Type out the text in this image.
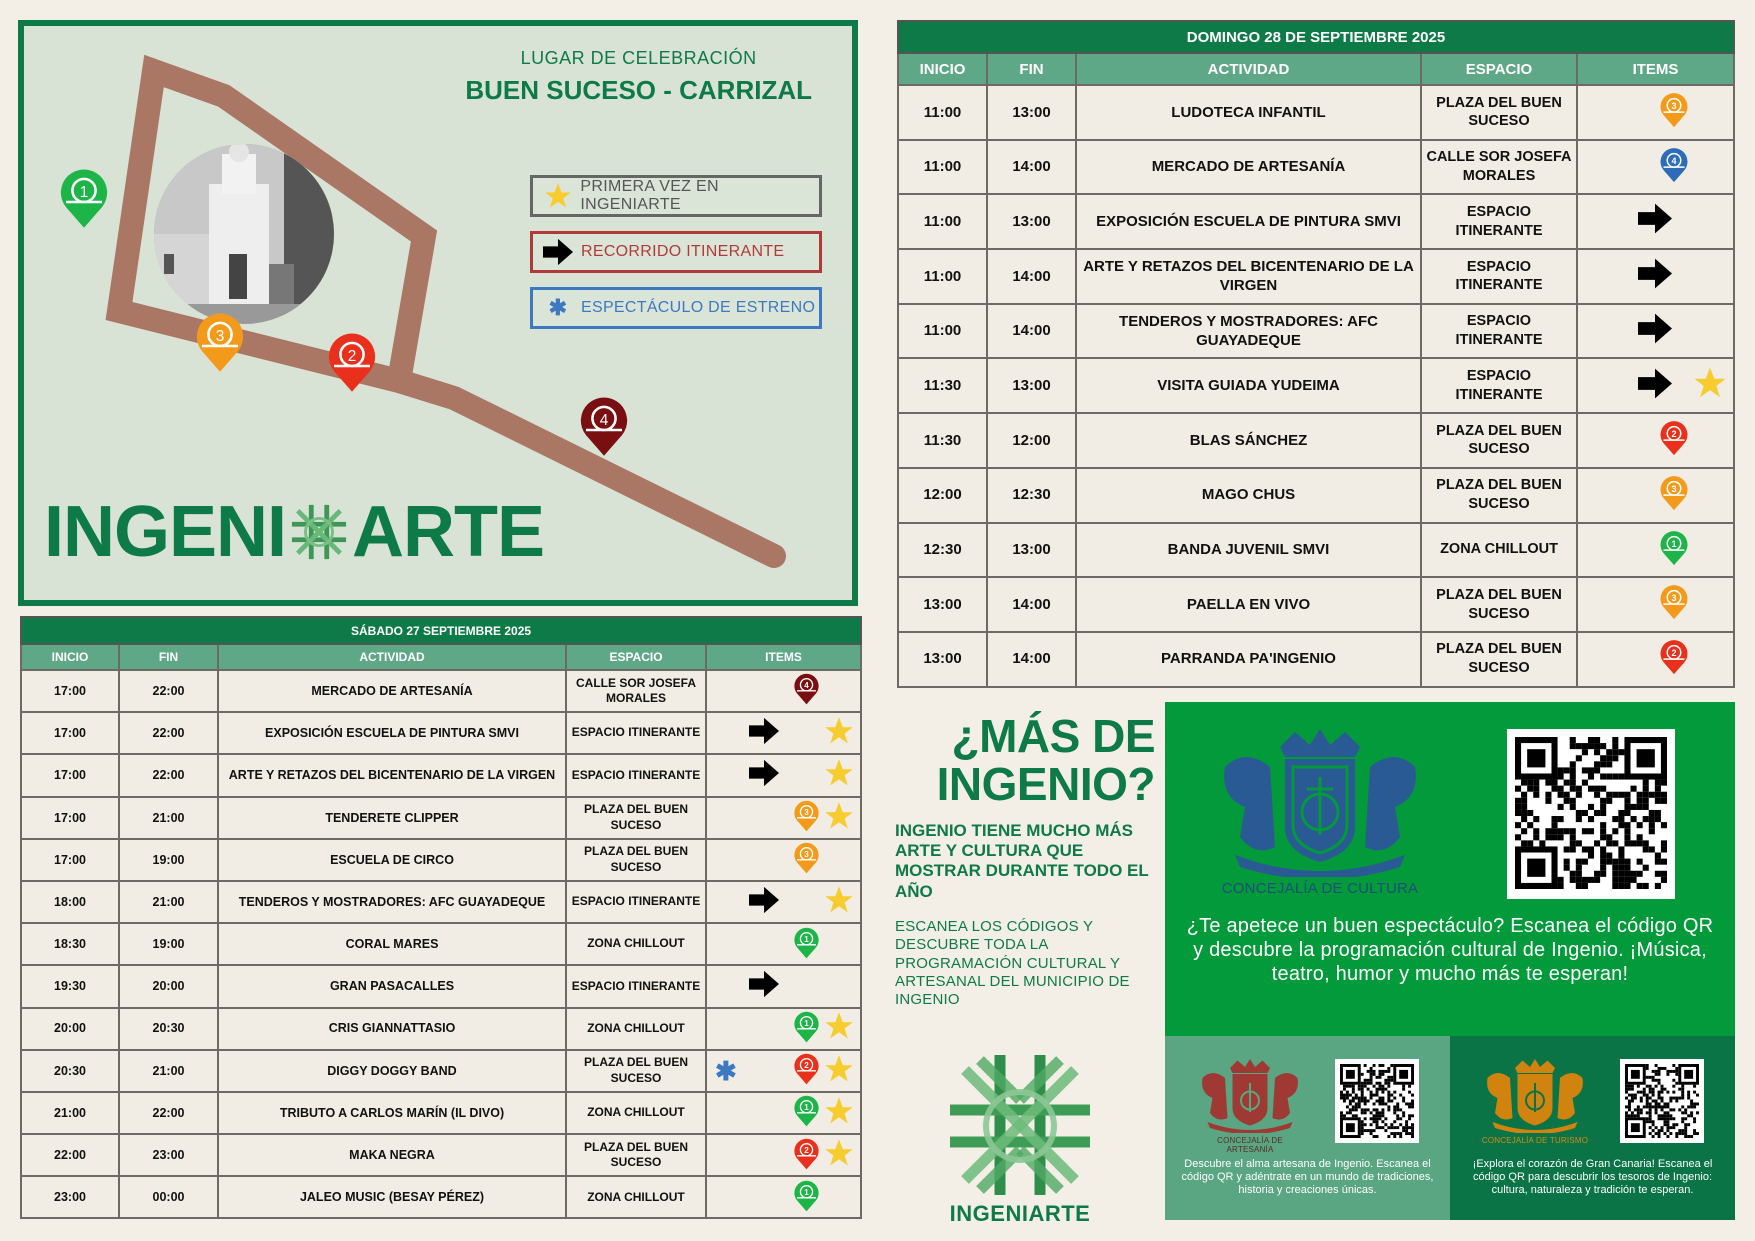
1
3
2
4
LUGAR DE CELEBRACIÓN
BUEN SUCESO - CARRIZAL
PRIMERA VEZ EN INGENIARTE
RECORRIDO ITINERANTE
✱ ESPECTÁCULO DE ESTRENO
INGENI ARTE
SÁBADO 27 SEPTIEMBRE 2025				
INICIO	FIN	ACTIVIDAD	ESPACIO	ITEMS
17:00	22:00	MERCADO DE ARTESANÍA	CALLE SOR JOSEFA MORALES	4

17:00	22:00	EXPOSICIÓN ESCUELA DE PINTURA SMVI	ESPACIO ITINERANTE	

17:00	22:00	ARTE Y RETAZOS DEL BICENTENARIO DE LA VIRGEN	ESPACIO ITINERANTE	

17:00	21:00	TENDERETE CLIPPER	PLAZA DEL BUEN SUCESO	3

17:00	19:00	ESCUELA DE CIRCO	PLAZA DEL BUEN SUCESO	3

18:00	21:00	TENDEROS Y MOSTRADORES: AFC GUAYADEQUE	ESPACIO ITINERANTE	

18:30	19:00	CORAL MARES	ZONA CHILLOUT	1

19:30	20:00	GRAN PASACALLES	ESPACIO ITINERANTE	

20:00	20:30	CRIS GIANNATTASIO	ZONA CHILLOUT	1

20:30	21:00	DIGGY DOGGY BAND	PLAZA DEL BUEN SUCESO	✱ 2

21:00	22:00	TRIBUTO A CARLOS MARÍN (IL DIVO)	ZONA CHILLOUT	1

22:00	23:00	MAKA NEGRA	PLAZA DEL BUEN SUCESO	2

23:00	00:00	JALEO MUSIC (BESAY PÉREZ)	ZONA CHILLOUT	1
DOMINGO 28 DE SEPTIEMBRE 2025				
INICIO	FIN	ACTIVIDAD	ESPACIO	ITEMS
11:00	13:00	LUDOTECA INFANTIL	PLAZA DEL BUEN SUCESO	3

11:00	14:00	MERCADO DE ARTESANÍA	CALLE SOR JOSEFA MORALES	4

11:00	13:00	EXPOSICIÓN ESCUELA DE PINTURA SMVI	ESPACIO ITINERANTE	

11:00	14:00	ARTE Y RETAZOS DEL BICENTENARIO DE LA VIRGEN	ESPACIO ITINERANTE	

11:00	14:00	TENDEROS Y MOSTRADORES: AFC GUAYADEQUE	ESPACIO ITINERANTE	

11:30	13:00	VISITA GUIADA YUDEIMA	ESPACIO ITINERANTE	

11:30	12:00	BLAS SÁNCHEZ	PLAZA DEL BUEN SUCESO	2

12:00	12:30	MAGO CHUS	PLAZA DEL BUEN SUCESO	3

12:30	13:00	BANDA JUVENIL SMVI	ZONA CHILLOUT	1

13:00	14:00	PAELLA EN VIVO	PLAZA DEL BUEN SUCESO	3

13:00	14:00	PARRANDA PA'INGENIO	PLAZA DEL BUEN SUCESO	2
¿MÁS DE
INGENIO?
INGENIO TIENE MUCHO MÁS ARTE Y CULTURA QUE MOSTRAR DURANTE TODO EL AÑO
ESCANEA LOS CÓDIGOS Y DESCUBRE TODA LA PROGRAMACIÓN CULTURAL Y ARTESANAL DEL MUNICIPIO DE INGENIO
INGENIARTE
CONCEJALÍA DE CULTURA
¿Te apetece un buen espectáculo? Escanea el código QR y descubre la programación cultural de Ingenio. ¡Música, teatro, humor y mucho más te esperan!
CONCEJALÍA DE ARTESANÍA
Descubre el alma artesana de Ingenio. Escanea el código QR y adéntrate en un mundo de tradiciones, historia y creaciones únicas.
CONCEJALÍA DE TURISMO
¡Explora el corazón de Gran Canaria! Escanea el código QR para descubrir los tesoros de Ingenio: cultura, naturaleza y tradición te esperan.
